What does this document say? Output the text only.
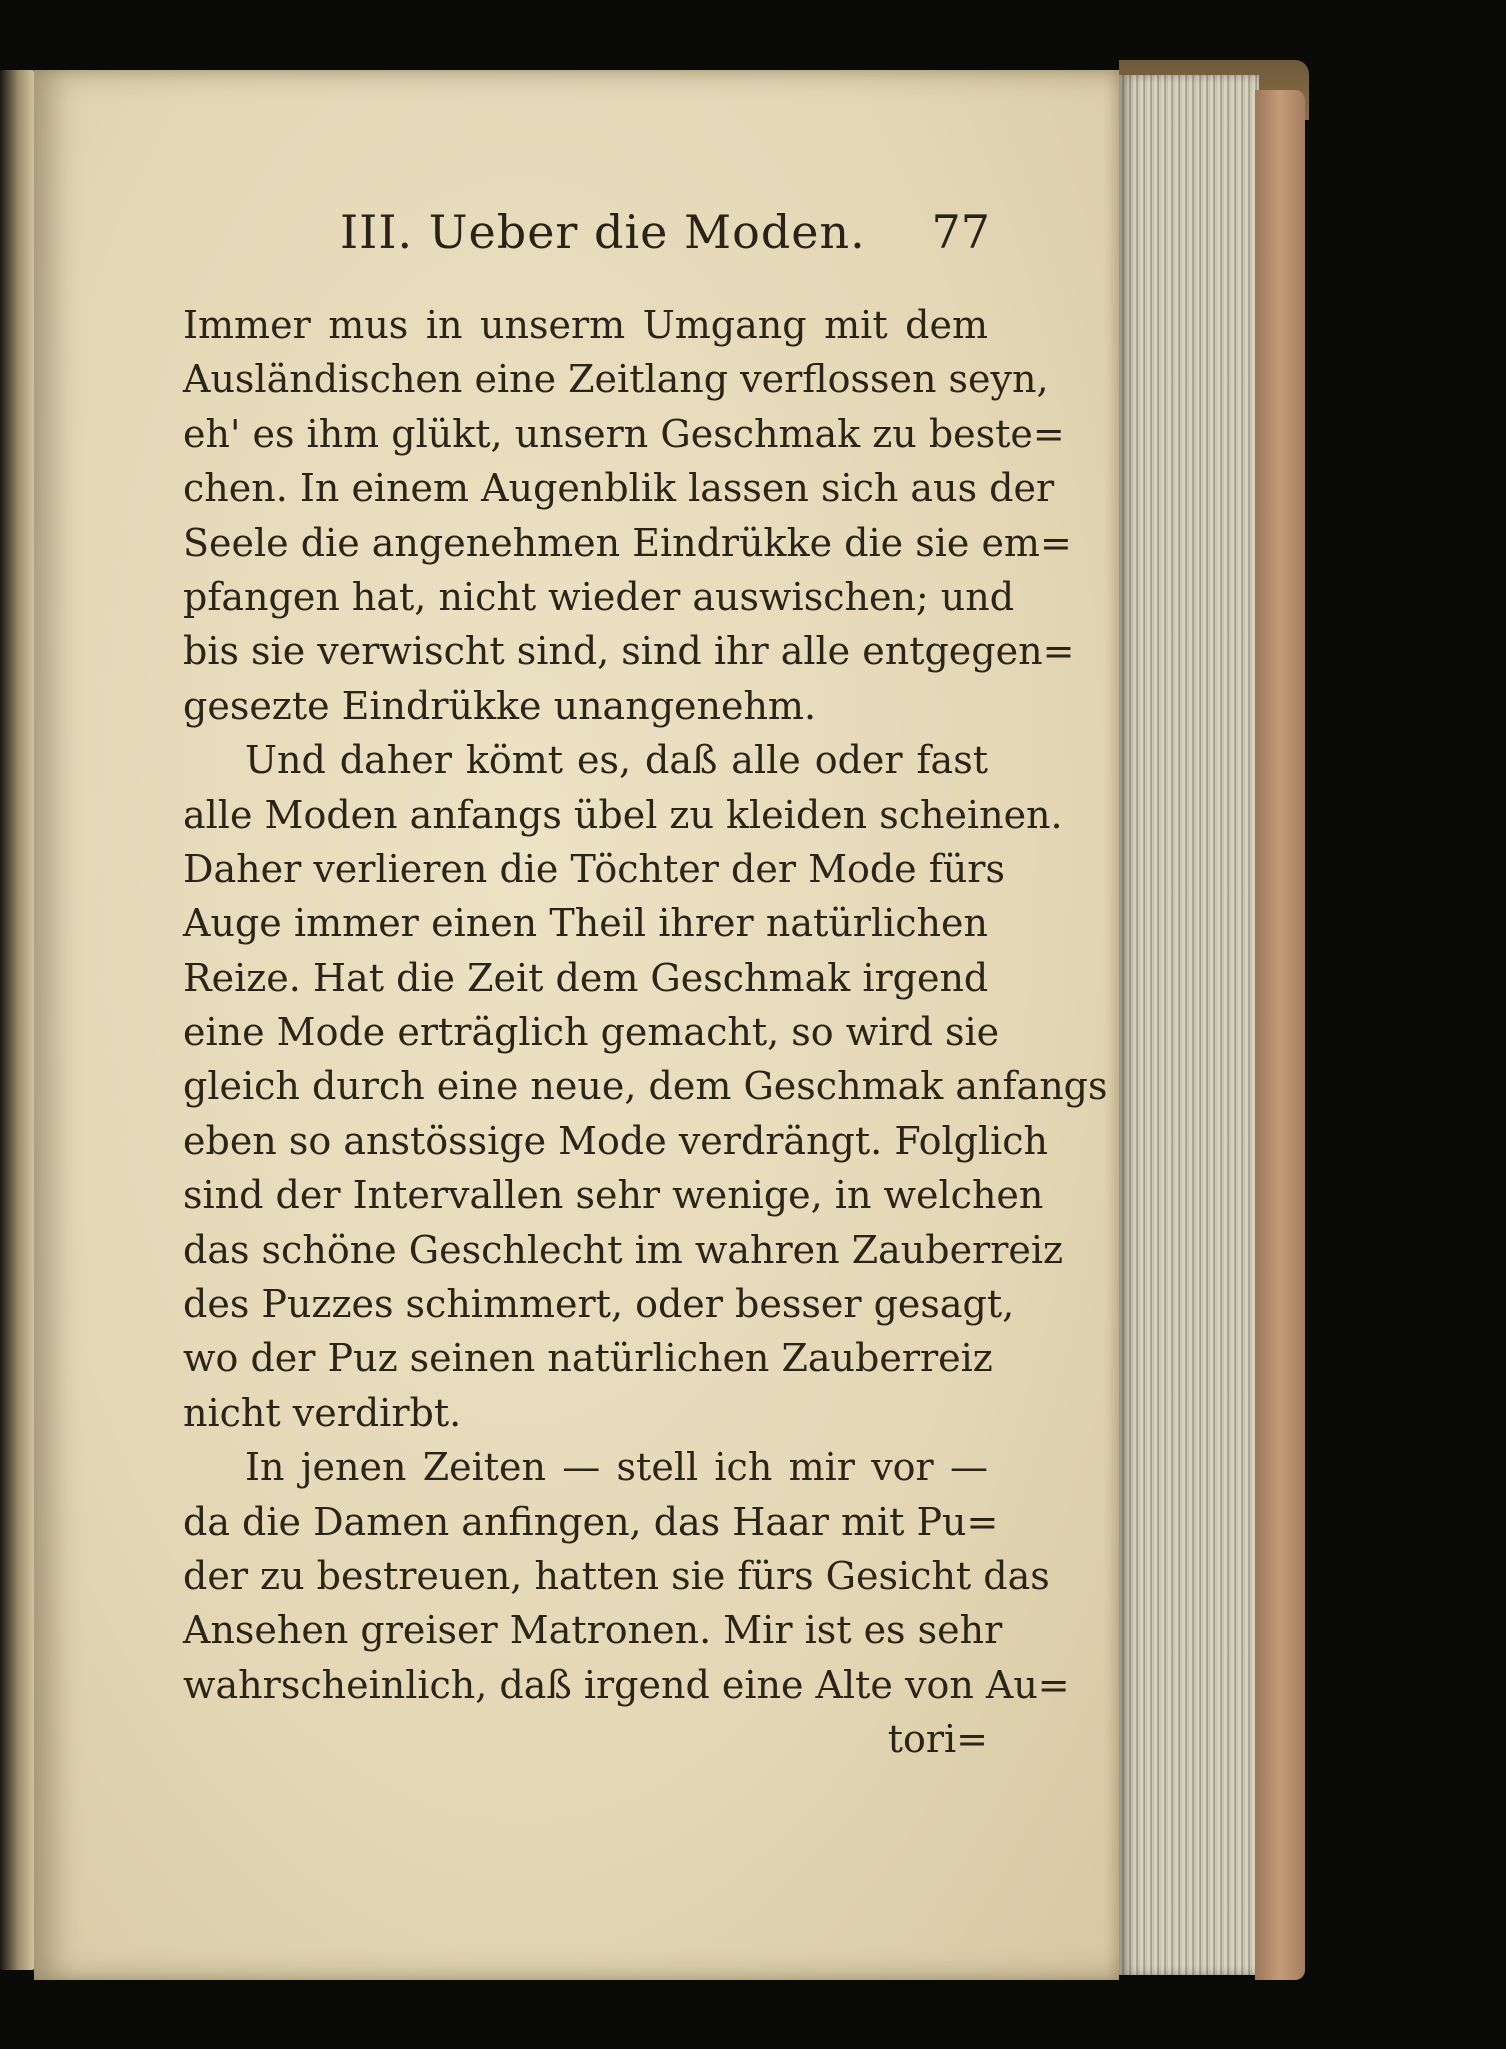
III. Ueber die Moden. 77
Immer mus in unserm Umgang mit dem
Ausländischen eine Zeitlang verflossen seyn,
eh' es ihm glükt, unsern Geschmak zu beste=
chen. In einem Augenblik lassen sich aus der
Seele die angenehmen Eindrükke die sie em=
pfangen hat, nicht wieder auswischen; und
bis sie verwischt sind, sind ihr alle entgegen=
gesezte Eindrükke unangenehm.
Und daher kömt es, daß alle oder fast
alle Moden anfangs übel zu kleiden scheinen.
Daher verlieren die Töchter der Mode fürs
Auge immer einen Theil ihrer natürlichen
Reize. Hat die Zeit dem Geschmak irgend
eine Mode erträglich gemacht, so wird sie
gleich durch eine neue, dem Geschmak anfangs
eben so anstössige Mode verdrängt. Folglich
sind der Intervallen sehr wenige, in welchen
das schöne Geschlecht im wahren Zauberreiz
des Puzzes schimmert, oder besser gesagt,
wo der Puz seinen natürlichen Zauberreiz
nicht verdirbt.
In jenen Zeiten — stell ich mir vor —
da die Damen anfingen, das Haar mit Pu=
der zu bestreuen, hatten sie fürs Gesicht das
Ansehen greiser Matronen. Mir ist es sehr
wahrscheinlich, daß irgend eine Alte von Au=
tori=
